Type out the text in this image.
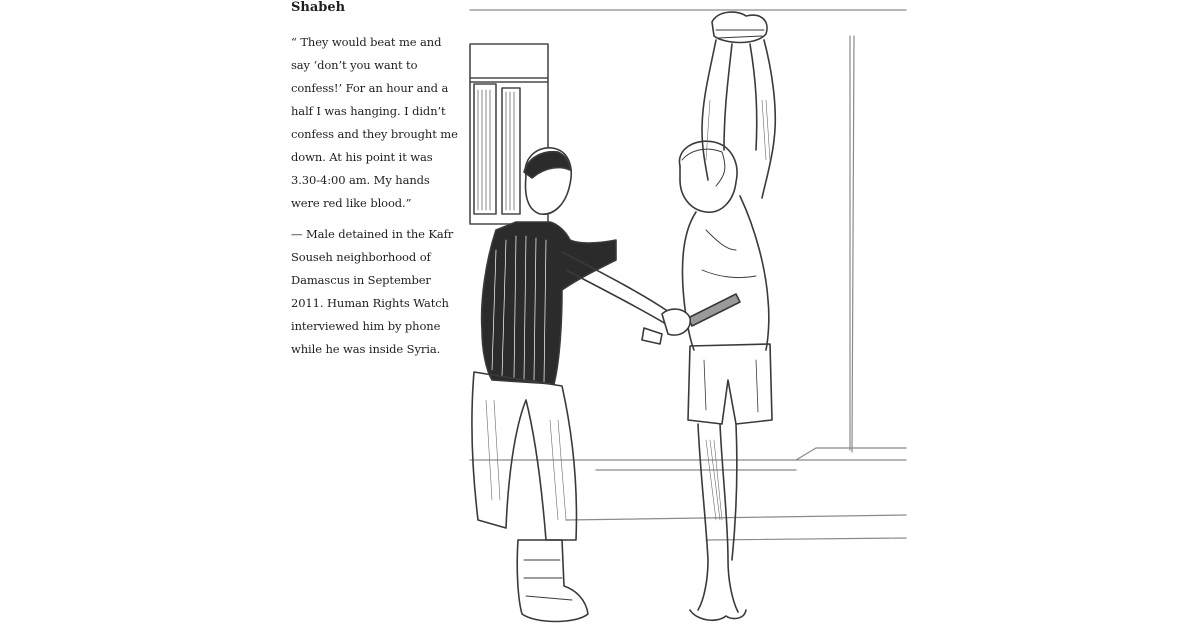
Shabeh

“ They would beat me and say ‘don’t you want to confess!’ For an hour and a half I was hanging. I didn’t confess and they brought me down. At his point it was 3.30-4:00 am. My hands were red like blood.”

— Male detained in the Kafr Souseh neighborhood of Damascus in September 2011. Human Rights Watch interviewed him by phone while he was inside Syria.
